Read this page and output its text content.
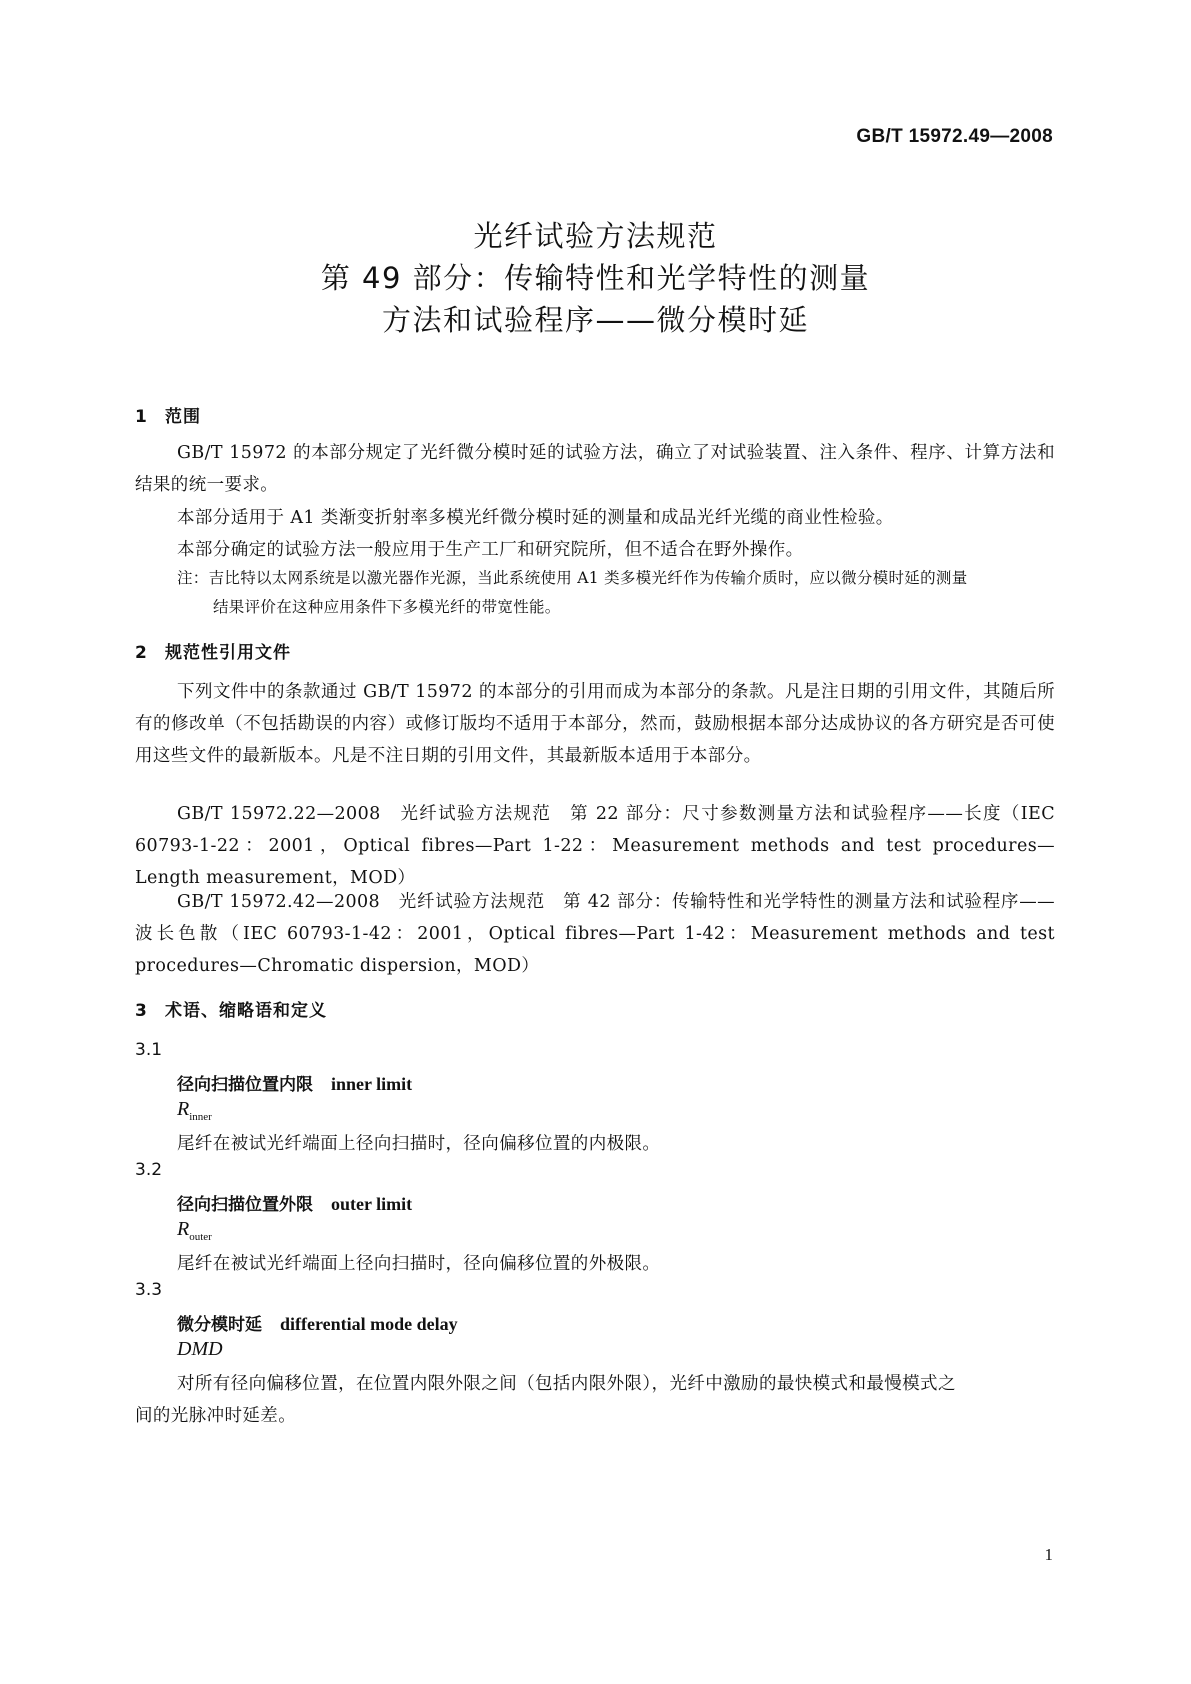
GB/T 15972.49—2008
光纤试验方法规范
第 49 部分：传输特性和光学特性的测量
方法和试验程序——微分模时延
1 范围
GB/T 15972 的本部分规定了光纤微分模时延的试验方法，确立了对试验装置、注入条件、程序、计算方法和结果的统一要求。
本部分适用于 A1 类渐变折射率多模光纤微分模时延的测量和成品光纤光缆的商业性检验。
本部分确定的试验方法一般应用于生产工厂和研究院所，但不适合在野外操作。
注：吉比特以太网系统是以激光器作光源，当此系统使用 A1 类多模光纤作为传输介质时，应以微分模时延的测量
结果评价在这种应用条件下多模光纤的带宽性能。
2 规范性引用文件
下列文件中的条款通过 GB/T 15972 的本部分的引用而成为本部分的条款。凡是注日期的引用文件，其随后所有的修改单（不包括勘误的内容）或修订版均不适用于本部分，然而，鼓励根据本部分达成协议的各方研究是否可使用这些文件的最新版本。凡是不注日期的引用文件，其最新版本适用于本部分。
GB/T 15972.22—2008　光纤试验方法规范　第 22 部分：尺寸参数测量方法和试验程序——长度（IEC 60793-1-22：2001，Optical fibres—Part 1-22：Measurement methods and test procedures—Length measurement，MOD）
GB/T 15972.42—2008　光纤试验方法规范　第 42 部分：传输特性和光学特性的测量方法和试验程序——波长色散（IEC 60793-1-42：2001，Optical fibres—Part 1-42：Measurement methods and test procedures—Chromatic dispersion，MOD）
3 术语、缩略语和定义
3.1
径向扫描位置内限 inner limit
$R_{inner}$
尾纤在被试光纤端面上径向扫描时，径向偏移位置的内极限。
3.2
径向扫描位置外限 outer limit
$R_{outer}$
尾纤在被试光纤端面上径向扫描时，径向偏移位置的外极限。
3.3
微分模时延 differential mode delay
DMD
对所有径向偏移位置，在位置内限外限之间（包括内限外限），光纤中激励的最快模式和最慢模式之
间的光脉冲时延差。
1
